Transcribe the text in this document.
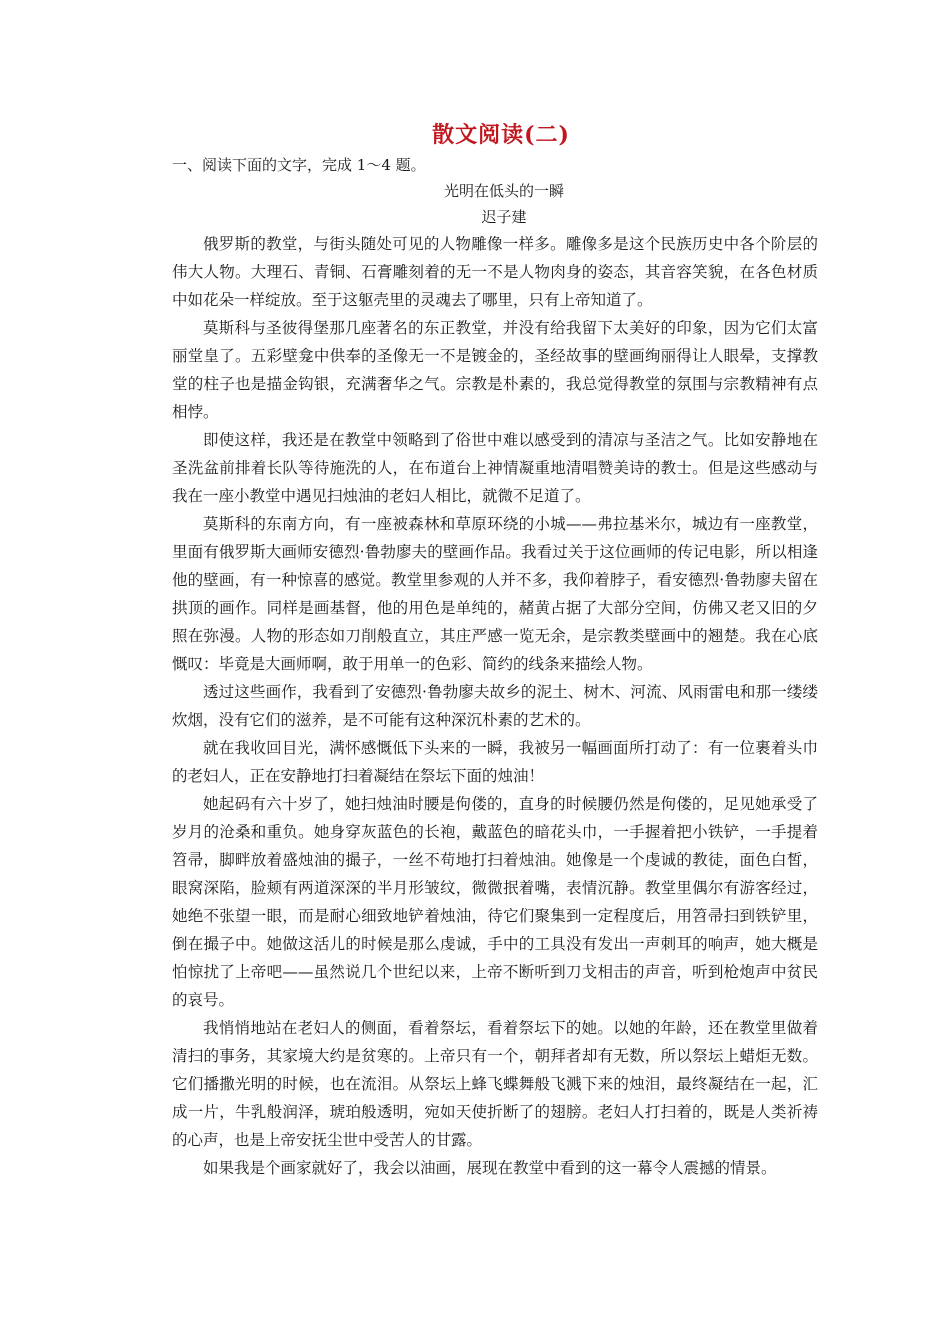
散文阅读(二)
一、阅读下面的文字，完成 1～4 题。
光明在低头的一瞬
迟子建

俄罗斯的教堂，与街头随处可见的人物雕像一样多。雕像多是这个民族历史中各个阶层的伟大人物。大理石、青铜、石膏雕刻着的无一不是人物肉身的姿态，其音容笑貌，在各色材质中如花朵一样绽放。至于这躯壳里的灵魂去了哪里，只有上帝知道了。

莫斯科与圣彼得堡那几座著名的东正教堂，并没有给我留下太美好的印象，因为它们太富丽堂皇了。五彩壁龛中供奉的圣像无一不是镀金的，圣经故事的壁画绚丽得让人眼晕，支撑教堂的柱子也是描金钩银，充满奢华之气。宗教是朴素的，我总觉得教堂的氛围与宗教精神有点相悖。

即使这样，我还是在教堂中领略到了俗世中难以感受到的清凉与圣洁之气。比如安静地在圣洗盆前排着长队等待施洗的人，在布道台上神情凝重地清唱赞美诗的教士。但是这些感动与我在一座小教堂中遇见扫烛油的老妇人相比，就微不足道了。

莫斯科的东南方向，有一座被森林和草原环绕的小城——弗拉基米尔，城边有一座教堂，里面有俄罗斯大画师安德烈·鲁勃廖夫的壁画作品。我看过关于这位画师的传记电影，所以相逢他的壁画，有一种惊喜的感觉。教堂里参观的人并不多，我仰着脖子，看安德烈·鲁勃廖夫留在拱顶的画作。同样是画基督，他的用色是单纯的，赭黄占据了大部分空间，仿佛又老又旧的夕照在弥漫。人物的形态如刀削般直立，其庄严感一览无余，是宗教类壁画中的翘楚。我在心底慨叹：毕竟是大画师啊，敢于用单一的色彩、简约的线条来描绘人物。

透过这些画作，我看到了安德烈·鲁勃廖夫故乡的泥土、树木、河流、风雨雷电和那一缕缕炊烟，没有它们的滋养，是不可能有这种深沉朴素的艺术的。

就在我收回目光，满怀感慨低下头来的一瞬，我被另一幅画面所打动了：有一位裹着头巾的老妇人，正在安静地打扫着凝结在祭坛下面的烛油！

她起码有六十岁了，她扫烛油时腰是佝偻的，直身的时候腰仍然是佝偻的，足见她承受了岁月的沧桑和重负。她身穿灰蓝色的长袍，戴蓝色的暗花头巾，一手握着把小铁铲，一手提着笤帚，脚畔放着盛烛油的撮子，一丝不苟地打扫着烛油。她像是一个虔诚的教徒，面色白皙，眼窝深陷，脸颊有两道深深的半月形皱纹，微微抿着嘴，表情沉静。教堂里偶尔有游客经过，她绝不张望一眼，而是耐心细致地铲着烛油，待它们聚集到一定程度后，用笤帚扫到铁铲里，倒在撮子中。她做这活儿的时候是那么虔诚，手中的工具没有发出一声刺耳的响声，她大概是怕惊扰了上帝吧——虽然说几个世纪以来，上帝不断听到刀戈相击的声音，听到枪炮声中贫民的哀号。

我悄悄地站在老妇人的侧面，看着祭坛，看着祭坛下的她。以她的年龄，还在教堂里做着清扫的事务，其家境大约是贫寒的。上帝只有一个，朝拜者却有无数，所以祭坛上蜡炬无数。它们播撒光明的时候，也在流泪。从祭坛上蜂飞蝶舞般飞溅下来的烛泪，最终凝结在一起，汇成一片，牛乳般润泽，琥珀般透明，宛如天使折断了的翅膀。老妇人打扫着的，既是人类祈祷的心声，也是上帝安抚尘世中受苦人的甘露。

如果我是个画家就好了，我会以油画，展现在教堂中看到的这一幕令人震撼的情景。
